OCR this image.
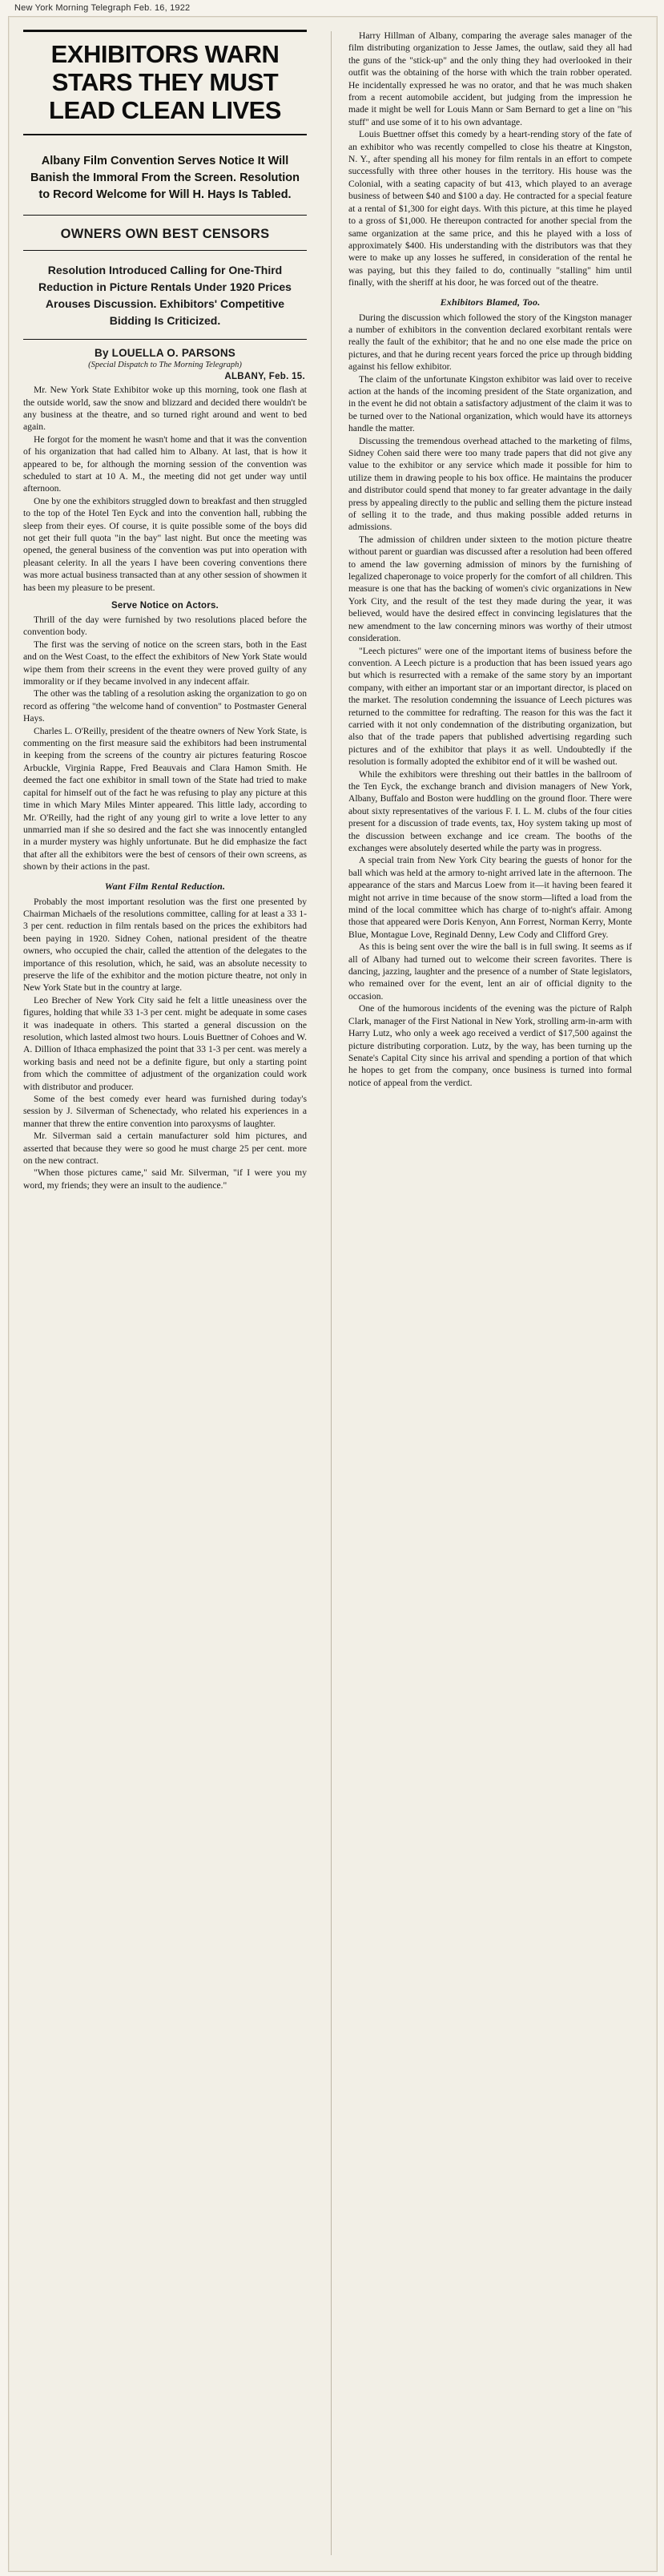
New York Morning Telegraph Feb. 16, 1922
EXHIBITORS WARN
STARS THEY MUST
LEAD CLEAN LIVES
Albany Film Convention Serves Notice It Will Banish the Immoral From the Screen. Resolution to Record Welcome for Will H. Hays Is Tabled.
OWNERS OWN BEST CENSORS
Resolution Introduced Calling for One-Third Reduction in Picture Rentals Under 1920 Prices Arouses Discussion. Exhibitors' Competitive Bidding Is Criticized.
By LOUELLA O. PARSONS
(Special Dispatch to The Morning Telegraph)
ALBANY, Feb. 15.

Mr. New York State Exhibitor woke up this morning, took one flash at the outside world, saw the snow and blizzard and decided there wouldn't be any business at the theatre, and so turned right around and went to bed again.

He forgot for the moment he wasn't home and that it was the convention of his organization that had called him to Albany. At last, that is how it appeared to be, for although the morning session of the convention was scheduled to start at 10 A. M., the meeting did not get under way until afternoon.

One by one the exhibitors struggled down to breakfast and then struggled to the top of the Hotel Ten Eyck and into the convention hall, rubbing the sleep from their eyes. Of course, it is quite possible some of the boys did not get their full quota "in the bay" last night. But once the meeting was opened, the general business of the convention was put into operation with pleasant celerity. In all the years I have been covering conventions there was more actual business transacted than at any other session of showmen it has been my pleasure to be present.

Serve Notice on Actors.

Thrill of the day were furnished by two resolutions placed before the convention body.

The first was the serving of notice on the screen stars, both in the East and on the West Coast, to the effect the exhibitors of New York State would wipe them from their screens in the event they were proved guilty of any immorality or if they became involved in any indecent affair.

The other was the tabling of a resolution asking the organization to go on record as offering "the welcome hand of convention" to Postmaster General Hays.

Charles L. O'Reilly, president of the theatre owners of New York State, is commenting on the first measure said the exhibitors had been instrumental in keeping from the screens of the country air pictures featuring Roscoe Arbuckle, Virginia Rappe, Fred Beauvais and Clara Hamon Smith. He deemed the fact one exhibitor in small town of the State had tried to make capital for himself out of the fact he was refusing to play any picture at this time in which Mary Miles Minter appeared. This little lady, according to Mr. O'Reilly, had the right of any young girl to write a love letter to any unmarried man if she so desired and the fact she was innocently entangled in a murder mystery was highly unfortunate. But he did emphasize the fact that after all the exhibitors were the best of censors of their own screens, as shown by their actions in the past.

Want Film Rental Reduction.

Probably the most important resolution was the first one presented by Chairman Michaels of the resolutions committee, calling for at least a 33 1-3 per cent. reduction in film rentals based on the prices the exhibitors had been paying in 1920. Sidney Cohen, national president of the theatre owners, who occupied the chair, called the attention of the delegates to the importance of this resolution, which, he said, was an absolute necessity to preserve the life of the exhibitor and the motion picture theatre, not only in New York State but in the country at large.

Leo Brecher of New York City said he felt a little uneasiness over the figures, holding that while 33 1-3 per cent. might be adequate in some cases it was inadequate in others. This started a general discussion on the resolution, which lasted almost two hours. Louis Buettner of Cohoes and W. A. Dillion of Ithaca emphasized the point that 33 1-3 per cent. was merely a working basis and need not be a definite figure, but only a starting point from which the committee of adjustment of the organization could work with distributor and producer.

Some of the best comedy ever heard was furnished during today's session by J. Silverman of Schenectady, who related his experiences in a manner that threw the entire convention into paroxysms of laughter.

Mr. Silverman said a certain manufacturer sold him pictures, and asserted that because they were so good he must charge 25 per cent. more on the new contract.

"When those pictures came," said Mr. Silverman, "if I were you my word, my friends; they were an insult to the audience."

Harry Hillman of Albany, comparing the average sales manager of the film distributing organization to Jesse James, the outlaw, said they all had the guns of the "stick-up" and the only thing they had overlooked in their outfit was the obtaining of the horse with which the train robber operated. He incidentally expressed he was no orator, and that he was much shaken from a recent automobile accident, but judging from the impression he made it might be well for Louis Mann or Sam Bernard to get a line on "his stuff" and use some of it to his own advantage.

Louis Buettner offset this comedy by a heart-rending story of the fate of an exhibitor who was recently compelled to close his theatre at Kingston, N. Y., after spending all his money for film rentals in an effort to compete successfully with three other houses in the territory. His house was the Colonial, with a seating capacity of but 413, which played to an average business of between $40 and $100 a day. He contracted for a special feature at a rental of $1,300 for eight days. With this picture, at this time he played to a gross of $1,000. He thereupon contracted for another special from the same organization at the same price, and this he played with a loss of approximately $400. His understanding with the distributors was that they were to make up any losses he suffered, in consideration of the rental he was paying, but this they failed to do, continually "stalling" him until finally, with the sheriff at his door, he was forced out of the theatre.

Exhibitors Blamed, Too.

During the discussion which followed the story of the Kingston manager a number of exhibitors in the convention declared exorbitant rentals were really the fault of the exhibitor; that he and no one else made the price on pictures, and that he during recent years forced the price up through bidding against his fellow exhibitor.

The claim of the unfortunate Kingston exhibitor was laid over to receive action at the hands of the incoming president of the State organization, and in the event he did not obtain a satisfactory adjustment of the claim it was to be turned over to the National organization, which would have its attorneys handle the matter.

Discussing the tremendous overhead attached to the marketing of films, Sidney Cohen said there were too many trade papers that did not give any value to the exhibitor or any service which made it possible for him to utilize them in drawing people to his box office. He maintains the producer and distributor could spend that money to far greater advantage in the daily press by appealing directly to the public and selling them the picture instead of selling it to the trade, and thus making possible added returns in admissions.

The admission of children under sixteen to the motion picture theatre without parent or guardian was discussed after a resolution had been offered to amend the law governing admission of minors by the furnishing of legalized chaperonage to voice properly for the comfort of all children. This measure is one that has the backing of women's civic organizations in New York City, and the result of the test they made during the year, it was believed, would have the desired effect in convincing legislatures that the new amendment to the law concerning minors was worthy of their utmost consideration.

"Leech pictures" were one of the important items of business before the convention. A Leech picture is a production that has been issued years ago but which is resurrected with a remake of the same story by an important company, with either an important star or an important director, is placed on the market. The resolution condemning the issuance of Leech pictures was returned to the committee for redrafting. The reason for this was the fact it carried with it not only condemnation of the distributing organization, but also that of the trade papers that published advertising regarding such pictures and of the exhibitor that plays it as well. Undoubtedly if the resolution is formally adopted the exhibitor end of it will be washed out.

While the exhibitors were threshing out their battles in the ballroom of the Ten Eyck, the exchange branch and division managers of New York, Albany, Buffalo and Boston were huddling on the ground floor. There were about sixty representatives of the various F. I. L. M. clubs of the four cities present for a discussion of trade events, tax, Hoy system taking up most of the discussion between exchange and ice cream. The booths of the exchanges were absolutely deserted while the party was in progress.

A special train from New York City bearing the guests of honor for the ball which was held at the armory to-night arrived late in the afternoon. The appearance of the stars and Marcus Loew from it—it having been feared it might not arrive in time because of the snow storm—lifted a load from the mind of the local committee which has charge of to-night's affair. Among those that appeared were Doris Kenyon, Ann Forrest, Norman Kerry, Monte Blue, Montague Love, Reginald Denny, Lew Cody and Clifford Grey.

As this is being sent over the wire the ball is in full swing. It seems as if all of Albany had turned out to welcome their screen favorites. There is dancing, jazzing, laughter and the presence of a number of State legislators, who remained over for the event, lent an air of official dignity to the occasion.

One of the humorous incidents of the evening was the picture of Ralph Clark, manager of the First National in New York, strolling arm-in-arm with Harry Lutz, who only a week ago received a verdict of $17,500 against the picture distributing corporation. Lutz, by the way, has been turning up the Senate's Capital City since his arrival and spending a portion of that which he hopes to get from the company, once business is turned into formal notice of appeal from the verdict.
